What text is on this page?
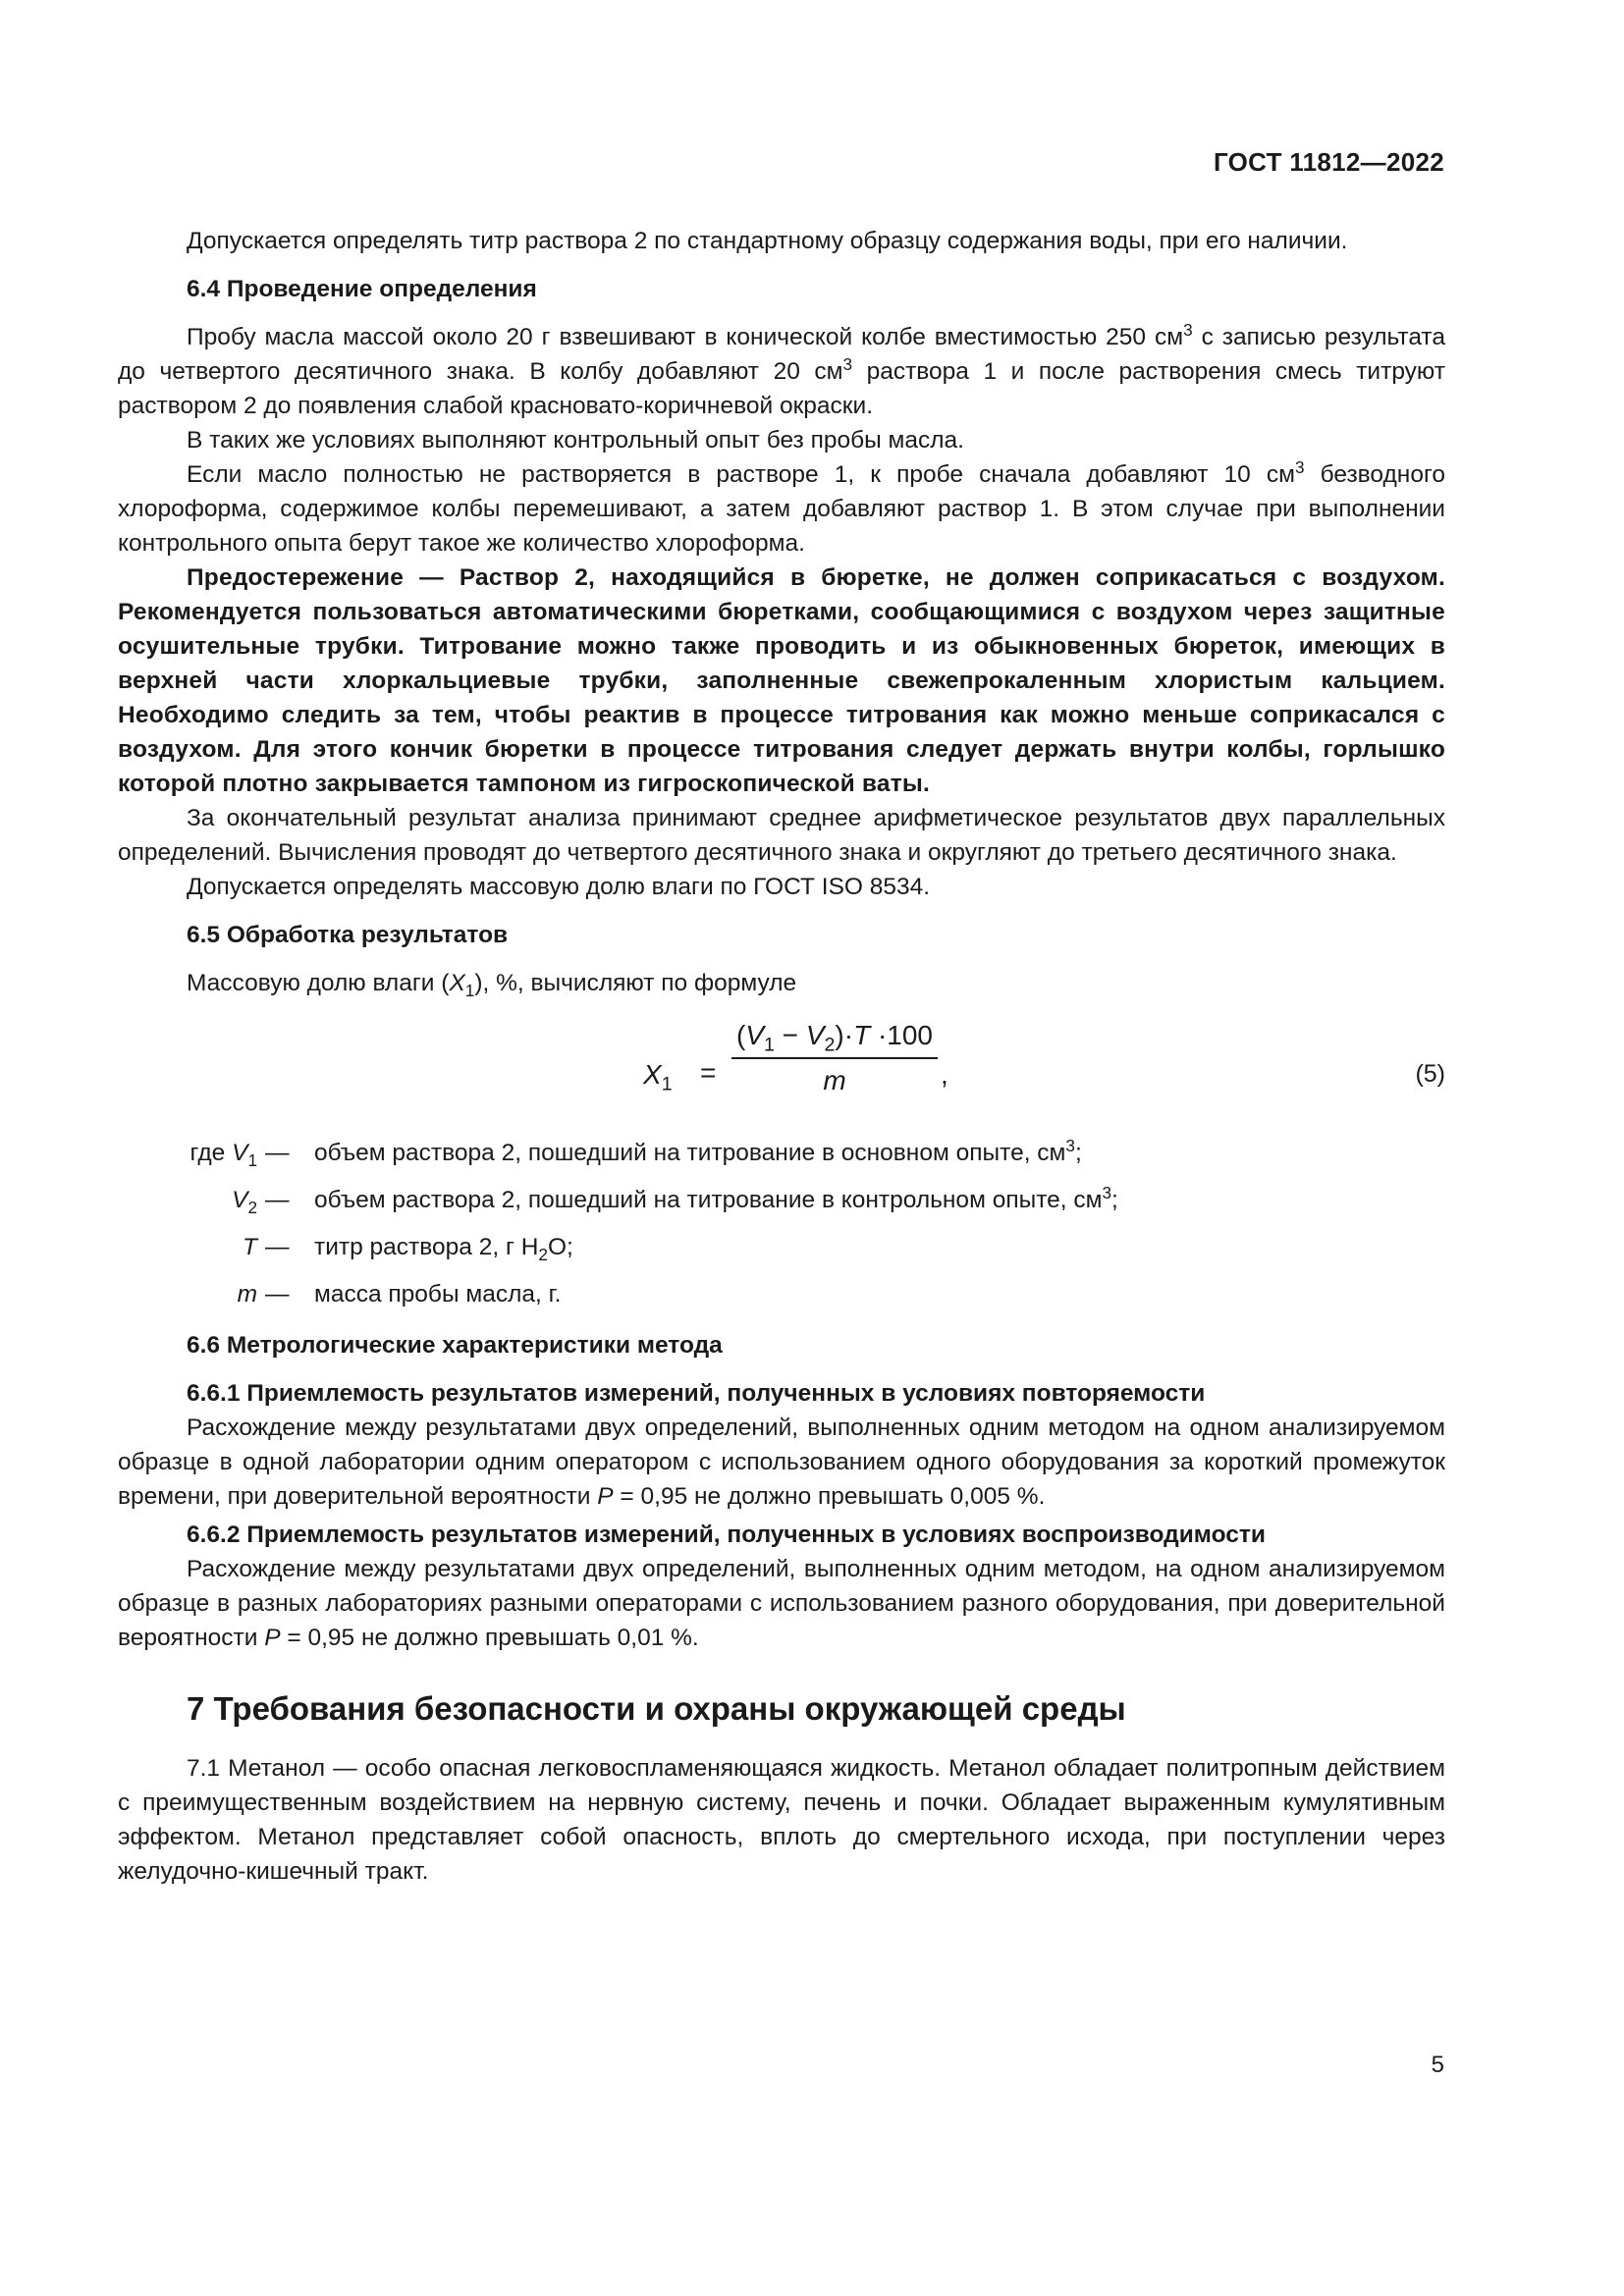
ГОСТ 11812—2022

Допускается определять титр раствора 2 по стандартному образцу содержания воды, при его наличии.

6.4 Проведение определения

Пробу масла массой около 20 г взвешивают в конической колбе вместимостью 250 $см^3$ с записью результата до четвертого десятичного знака. В колбу добавляют 20 $см^3$ раствора 1 и после растворения смесь титруют раствором 2 до появления слабой красновато-коричневой окраски.

В таких же условиях выполняют контрольный опыт без пробы масла.

Если масло полностью не растворяется в растворе 1, к пробе сначала добавляют 10 $см^3$ безводного хлороформа, содержимое колбы перемешивают, а затем добавляют раствор 1. В этом случае при выполнении контрольного опыта берут такое же количество хлороформа.

Предостережение — Раствор 2, находящийся в бюретке, не должен соприкасаться с воздухом. Рекомендуется пользоваться автоматическими бюретками, сообщающимися с воздухом через защитные осушительные трубки. Титрование можно также проводить и из обыкновенных бюреток, имеющих в верхней части хлоркальциевые трубки, заполненные свежепрокаленным хлористым кальцием. Необходимо следить за тем, чтобы реактив в процессе титрования как можно меньше соприкасался с воздухом. Для этого кончик бюретки в процессе титрования следует держать внутри колбы, горлышко которой плотно закрывается тампоном из гигроскопической ваты.

За окончательный результат анализа принимают среднее арифметическое результатов двух параллельных определений. Вычисления проводят до четвертого десятичного знака и округляют до третьего десятичного знака.

Допускается определять массовую долю влаги по ГОСТ ISO 8534.

6.5 Обработка результатов

Массовую долю влаги $(X_1)$, %, вычисляют по формуле

$X_1 = \frac{(V_1 - V_2)\cdot T \cdot 100}{m}$ ,	(5)
где $V_1$ — объем раствора 2, пошедший на титрование в основном опыте, $см^3$;
$V_2$ — объем раствора 2, пошедший на титрование в контрольном опыте, $см^3$;
T — титр раствора 2, г $H_2O$;
m — масса пробы масла, г.
6.6 Метрологические характеристики метода
6.6.1 Приемлемость результатов измерений, полученных в условиях повторяемости

Расхождение между результатами двух определений, выполненных одним методом на одном анализируемом образце в одной лаборатории одним оператором с использованием одного оборудования за короткий промежуток времени, при доверительной вероятности P = 0,95 не должно превышать 0,005 %.

6.6.2 Приемлемость результатов измерений, полученных в условиях воспроизводимости

Расхождение между результатами двух определений, выполненных одним методом, на одном анализируемом образце в разных лабораториях разными операторами с использованием разного оборудования, при доверительной вероятности P = 0,95 не должно превышать 0,01 %.

7 Требования безопасности и охраны окружающей среды

7.1 Метанол — особо опасная легковоспламеняющаяся жидкость. Метанол обладает политропным действием с преимущественным воздействием на нервную систему, печень и почки. Обладает выраженным кумулятивным эффектом. Метанол представляет собой опасность, вплоть до смертельного исхода, при поступлении через желудочно-кишечный тракт.

5
